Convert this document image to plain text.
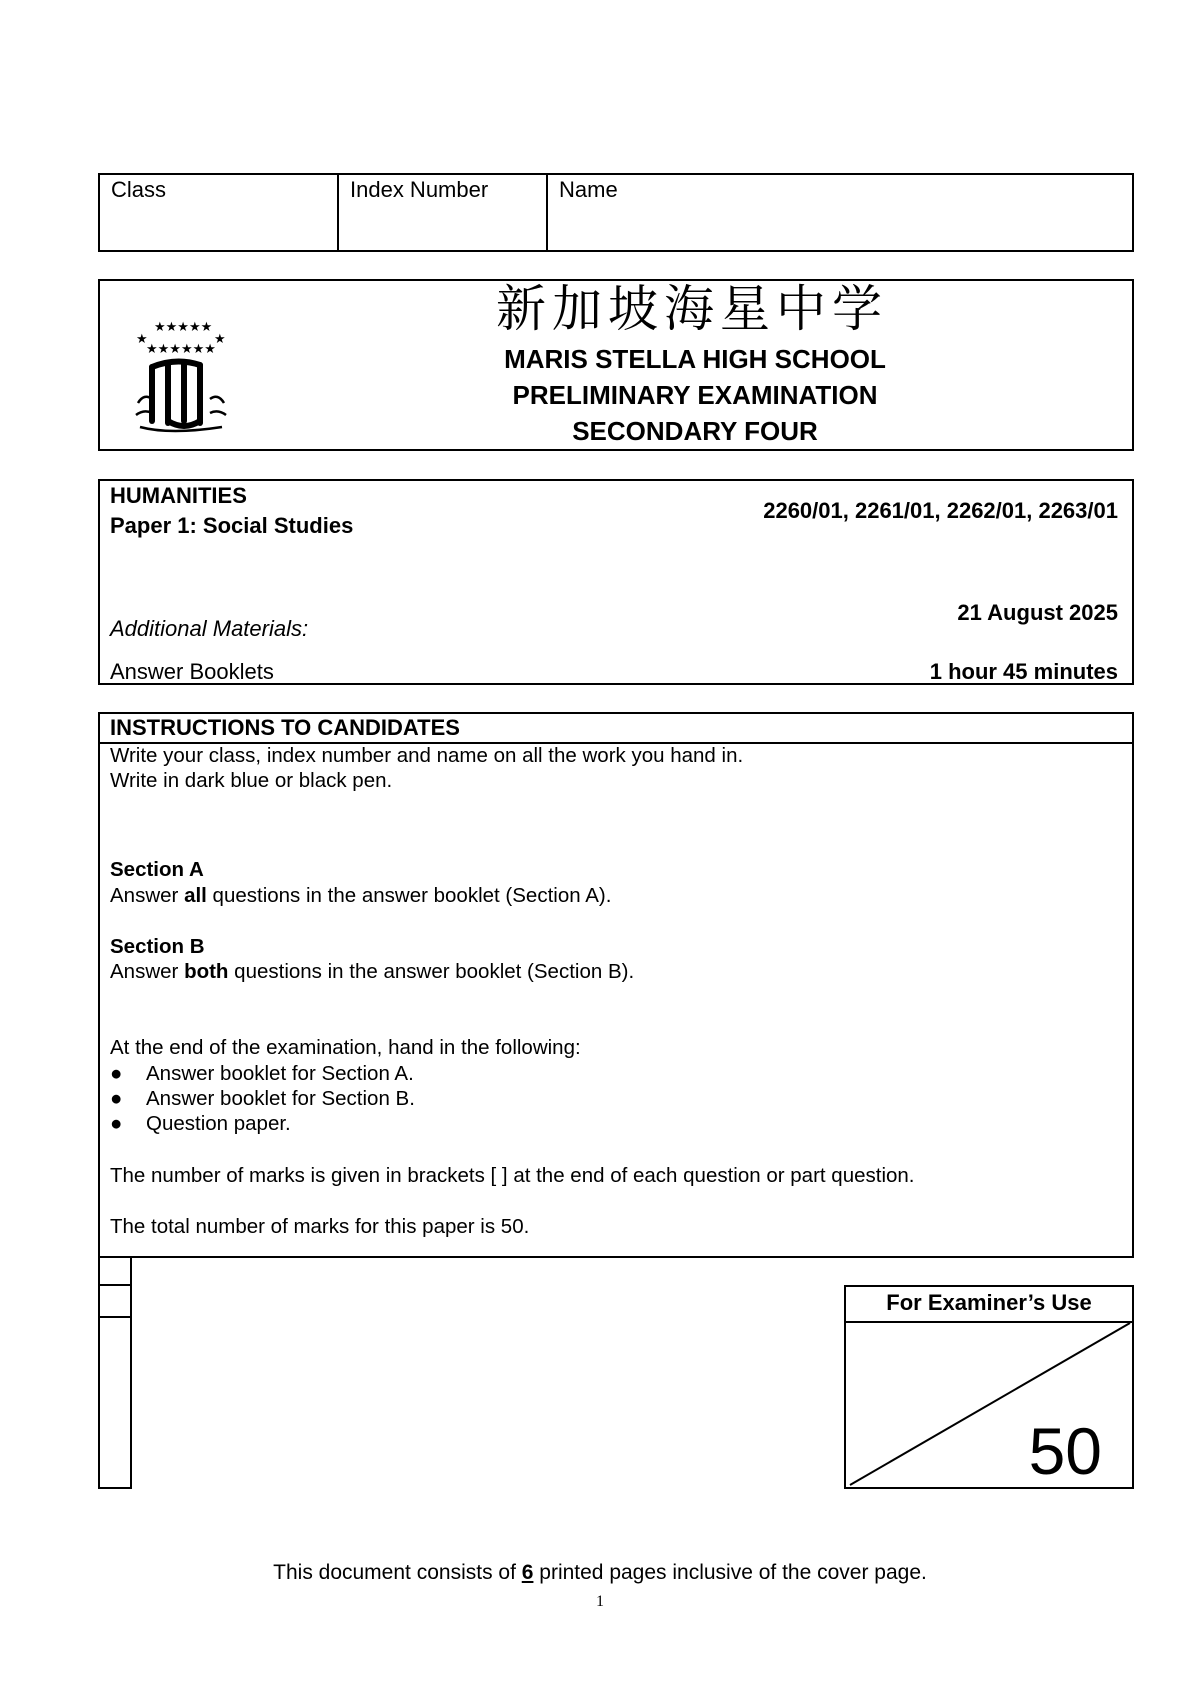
Class	Index Number	Name
★★★★★
★	★
★★★★★★
新加坡海星中学
MARIS STELLA HIGH SCHOOL
PRELIMINARY EXAMINATION
SECONDARY FOUR
HUMANITIES
Paper 1: Social Studies
2260/01, 2261/01, 2262/01, 2263/01
Additional Materials:
21 August 2025
Answer Booklets	1 hour 45 minutes
INSTRUCTIONS TO CANDIDATES
Write your class, index number and name on all the work you hand in.
Write in dark blue or black pen.
Section A
Answer all questions in the answer booklet (Section A).
Section B
Answer both questions in the answer booklet (Section B).
At the end of the examination, hand in the following:
● Answer booklet for Section A.
● Answer booklet for Section B.
● Question paper.
The number of marks is given in brackets [ ] at the end of each question or part question.
The total number of marks for this paper is 50.
For Examiner’s Use
50
This document consists of 6 printed pages inclusive of the cover page.
1
